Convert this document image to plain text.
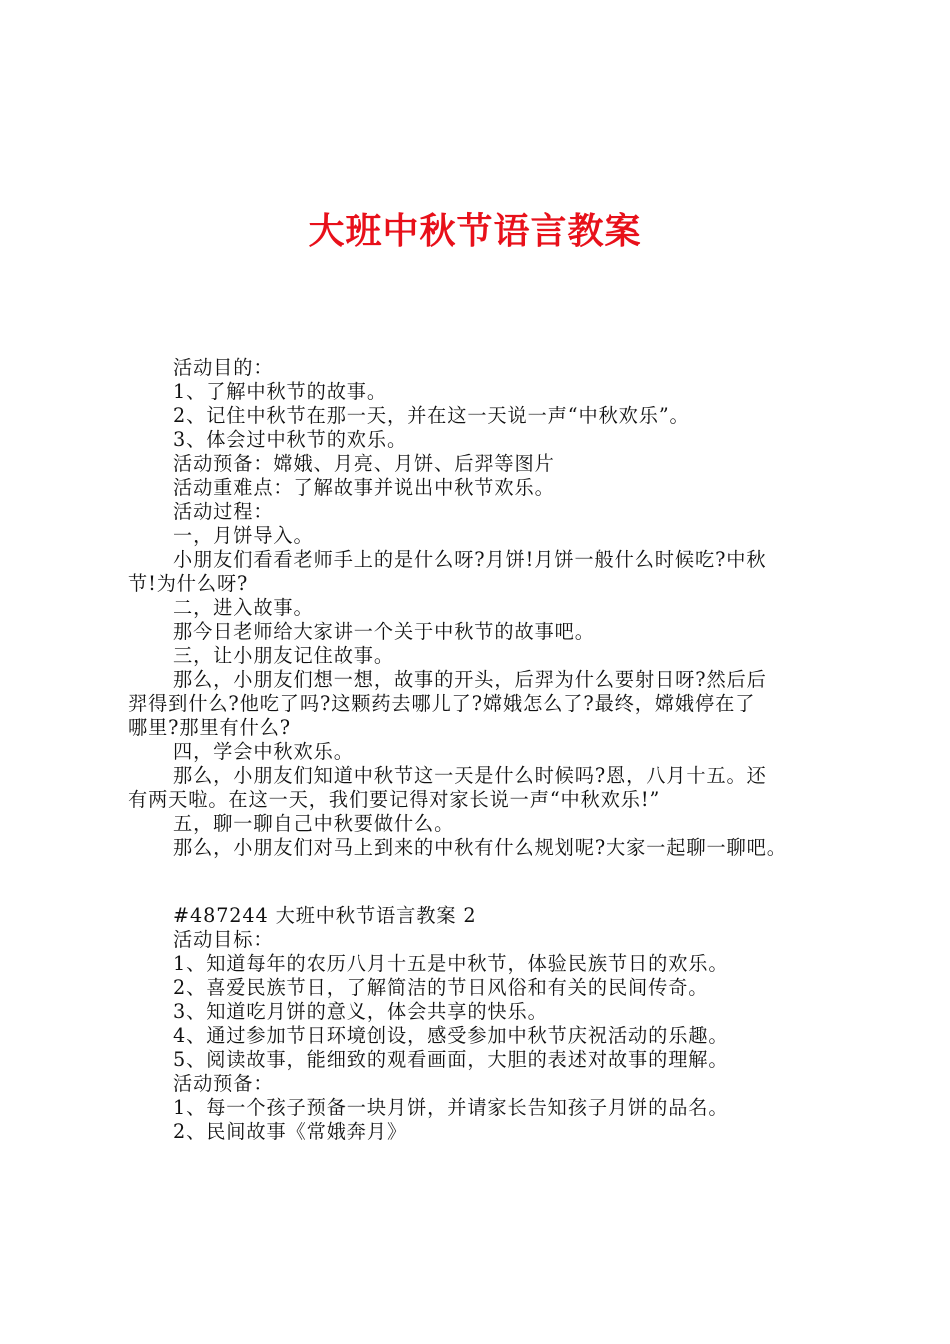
大班中秋节语言教案
活动目的：
1、了解中秋节的故事。
2、记住中秋节在那一天，并在这一天说一声“中秋欢乐”。
3、体会过中秋节的欢乐。
活动预备：嫦娥、月亮、月饼、后羿等图片
活动重难点：了解故事并说出中秋节欢乐。
活动过程：
一，月饼导入。
小朋友们看看老师手上的是什么呀?月饼!月饼一般什么时候吃?中秋
节!为什么呀?
二，进入故事。
那今日老师给大家讲一个关于中秋节的故事吧。
三，让小朋友记住故事。
那么，小朋友们想一想，故事的开头，后羿为什么要射日呀?然后后
羿得到什么?他吃了吗?这颗药去哪儿了?嫦娥怎么了?最终，嫦娥停在了
哪里?那里有什么?
四，学会中秋欢乐。
那么，小朋友们知道中秋节这一天是什么时候吗?恩，八月十五。还
有两天啦。在这一天，我们要记得对家长说一声“中秋欢乐!”
五，聊一聊自己中秋要做什么。
那么，小朋友们对马上到来的中秋有什么规划呢?大家一起聊一聊吧。
#487244 大班中秋节语言教案 2
活动目标：
1、知道每年的农历八月十五是中秋节，体验民族节日的欢乐。
2、喜爱民族节日，了解简洁的节日风俗和有关的民间传奇。
3、知道吃月饼的意义，体会共享的快乐。
4、通过参加节日环境创设，感受参加中秋节庆祝活动的乐趣。
5、阅读故事，能细致的观看画面，大胆的表述对故事的理解。
活动预备：
1、每一个孩子预备一块月饼，并请家长告知孩子月饼的品名。
2、民间故事《常娥奔月》
